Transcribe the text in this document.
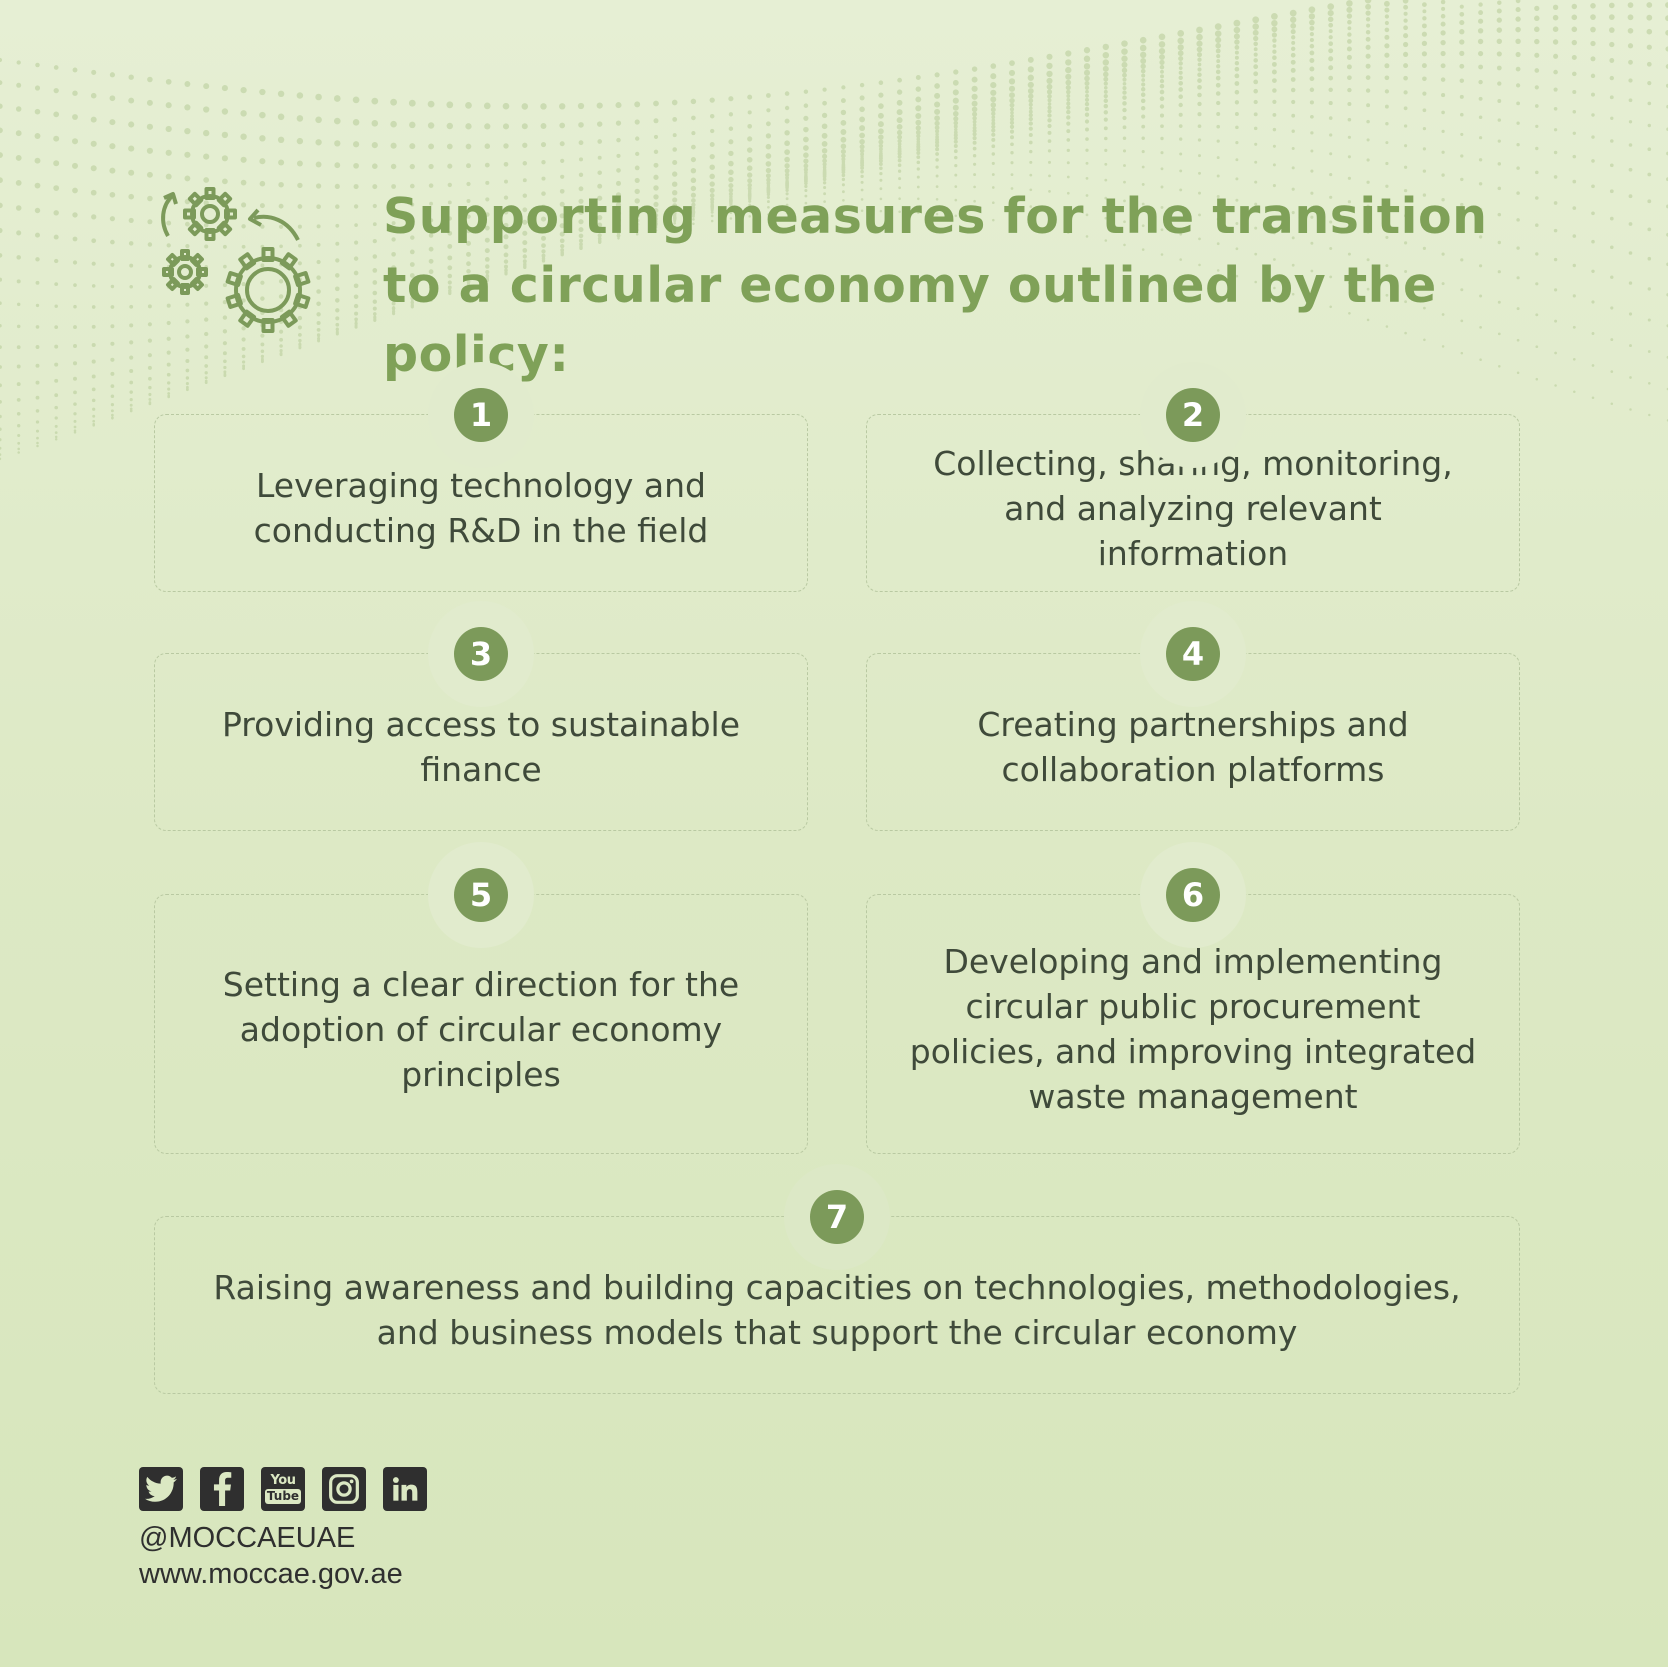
Supporting measures for the transition to a circular economy outlined by the policy:
Leveraging technology and conducting R&D in the field
1
Collecting, sharing, monitoring, and analyzing relevant information
2
Providing access to sustainable finance
3
Creating partnerships and collaboration platforms
4
Setting a clear direction for the adoption of circular economy principles
5
Developing and implementing circular public procurement policies, and improving integrated waste management
6
Raising awareness and building capacities on technologies, methodologies, and business models that support the circular economy
7
You
Tube
@MOCCAEUAE
www.moccae.gov.ae
